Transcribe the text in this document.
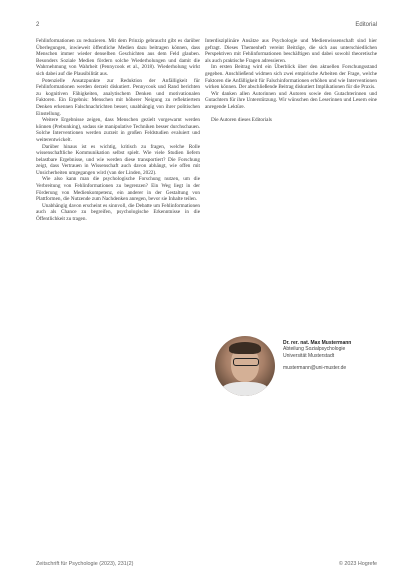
2	Editorial

Fehlinformationen zu reduzieren. Mit dem Prinzip gebraucht gibt es darüber Überlegungen, inwieweit öffentliche Medien dazu beitragen können, dass Menschen immer wieder denselben Geschichten aus dem Feld glauben. Besonders Soziale Medien fördern solche Wiederholungen und damit die Wahrnehmung von Wahrheit (Pennycook et al., 2018). Wiederholung wirkt sich dabei auf die Plausibilität aus.

Potenzielle Ansatzpunkte zur Reduktion der Anfälligkeit für Fehlinformationen werden derzeit diskutiert. Pennycook und Rand berichten zu kognitiven Fähigkeiten, analytischem Denken und motivationalen Faktoren. Ein Ergebnis: Menschen mit höherer Neigung zu reflektiertem Denken erkennen Falschnachrichten besser, unabhängig von ihrer politischen Einstellung.

Weitere Ergebnisse zeigen, dass Menschen gezielt vorgewarnt werden können (Prebunking), sodass sie manipulative Techniken besser durchschauen. Solche Interventionen werden zurzeit in großen Feldstudien evaluiert und weiterentwickelt.

Darüber hinaus ist es wichtig, kritisch zu fragen, welche Rolle wissenschaftliche Kommunikation selbst spielt. Wie viele Studien liefern belastbare Ergebnisse, und wie werden diese transportiert? Die Forschung zeigt, dass Vertrauen in Wissenschaft auch davon abhängt, wie offen mit Unsicherheiten umgegangen wird (van der Linden, 2022).

Wie also kann man die psychologische Forschung nutzen, um die Verbreitung von Fehlinformationen zu begrenzen? Ein Weg liegt in der Förderung von Medienkompetenz, ein anderer in der Gestaltung von Plattformen, die Nutzende zum Nachdenken anregen, bevor sie Inhalte teilen.

Unabhängig davon erscheint es sinnvoll, die Debatte um Fehlinformationen auch als Chance zu begreifen, psychologische Erkenntnisse in die Öffentlichkeit zu tragen.

Interdisziplinäre Ansätze aus Psychologie und Medienwissenschaft sind hier gefragt. Dieses Themenheft vereint Beiträge, die sich aus unterschiedlichen Perspektiven mit Fehlinformationen beschäftigen und dabei sowohl theoretische als auch praktische Fragen adressieren.

Im ersten Beitrag wird ein Überblick über den aktuellen Forschungsstand gegeben. Anschließend widmen sich zwei empirische Arbeiten der Frage, welche Faktoren die Anfälligkeit für Falschinformationen erhöhen und wie Interventionen wirken können. Der abschließende Beitrag diskutiert Implikationen für die Praxis.

Wir danken allen Autorinnen und Autoren sowie den Gutachterinnen und Gutachtern für ihre Unterstützung. Wir wünschen den Leserinnen und Lesern eine anregende Lektüre.

Die Autoren dieses Editorials

Dr. rer. nat. Max Mustermann
Abteilung Sozialpsychologie
Universität Musterstadt
mustermann@uni-muster.de
Zeitschrift für Psychologie (2023), 231(2)	© 2023 Hogrefe
